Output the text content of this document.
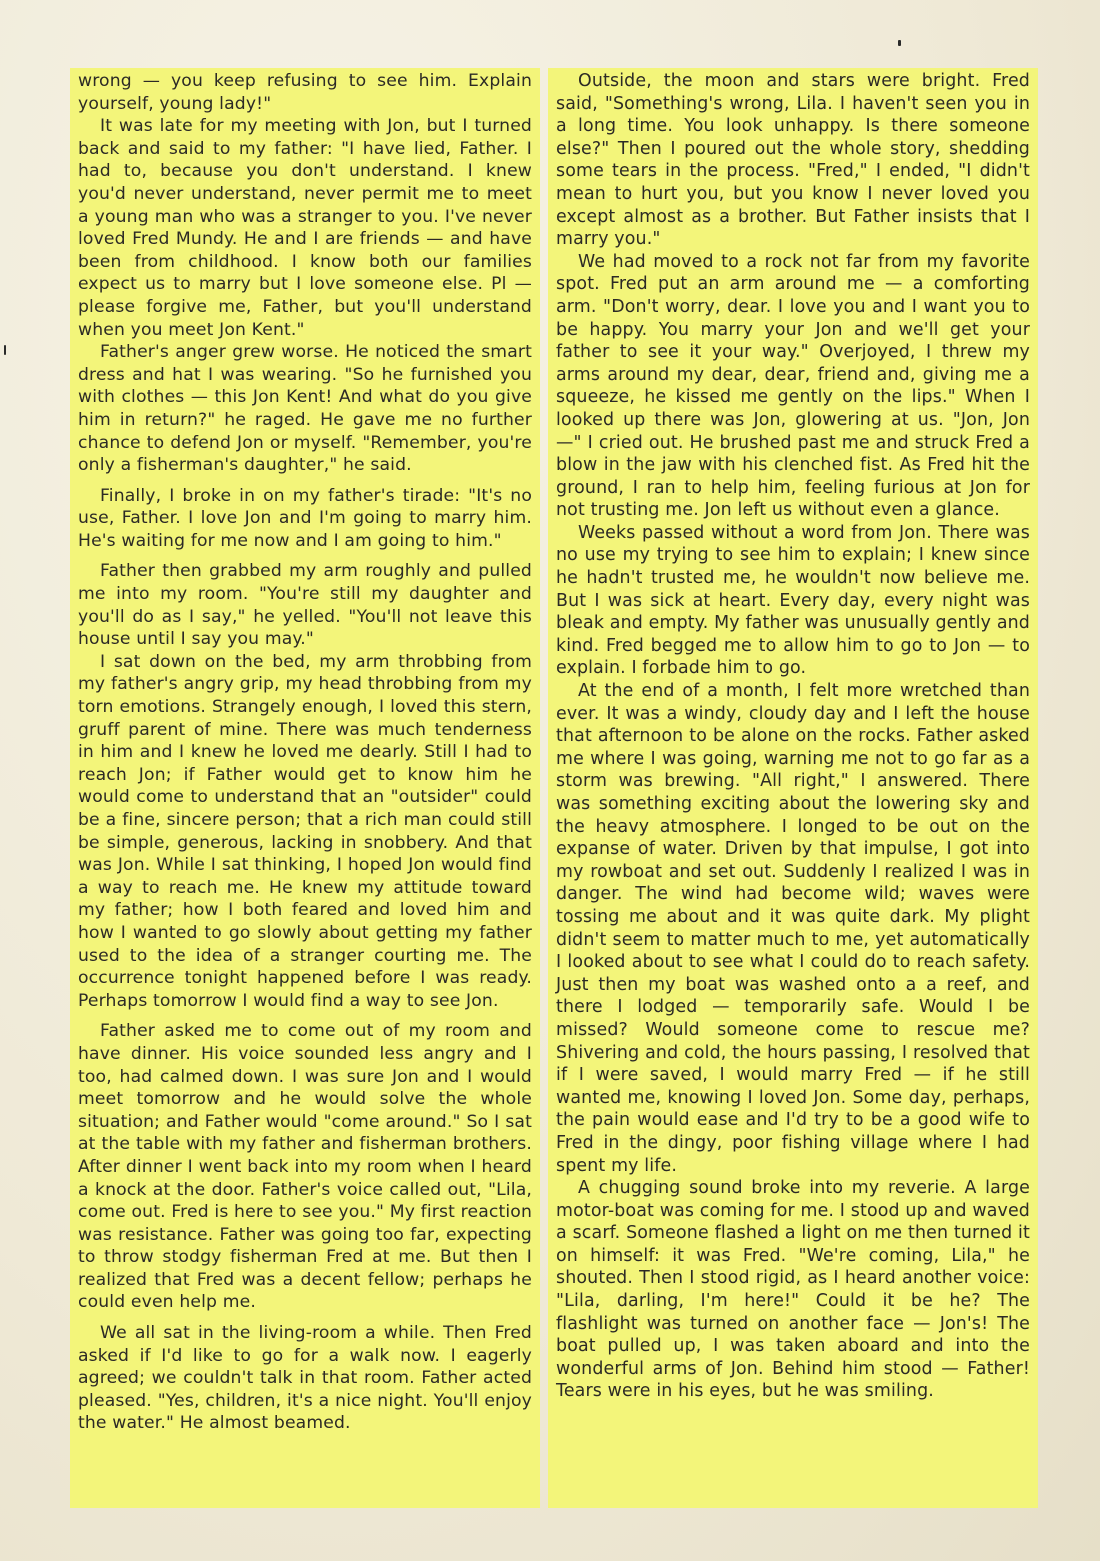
wrong — you keep refusing to see him. Explain yourself, young lady!"

It was late for my meeting with Jon, but I turned back and said to my father: "I have lied, Father. I had to, because you don't understand. I knew you'd never understand, never permit me to meet a young man who was a stranger to you. I've never loved Fred Mundy. He and I are friends — and have been from childhood. I know both our families expect us to marry but I love someone else. Pl — please forgive me, Father, but you'll understand when you meet Jon Kent."

Father's anger grew worse. He noticed the smart dress and hat I was wearing. "So he furnished you with clothes — this Jon Kent! And what do you give him in return?" he raged. He gave me no further chance to defend Jon or myself. "Remember, you're only a fisherman's daughter," he said.

Finally, I broke in on my father's tirade: "It's no use, Father. I love Jon and I'm going to marry him. He's waiting for me now and I am going to him."

Father then grabbed my arm roughly and pulled me into my room. "You're still my daughter and you'll do as I say," he yelled. "You'll not leave this house until I say you may."

I sat down on the bed, my arm throbbing from my father's angry grip, my head throbbing from my torn emotions. Strangely enough, I loved this stern, gruff parent of mine. There was much tenderness in him and I knew he loved me dearly. Still I had to reach Jon; if Father would get to know him he would come to understand that an "outsider" could be a fine, sincere person; that a rich man could still be simple, generous, lacking in snobbery. And that was Jon. While I sat thinking, I hoped Jon would find a way to reach me. He knew my attitude toward my father; how I both feared and loved him and how I wanted to go slowly about getting my father used to the idea of a stranger courting me. The occurrence tonight happened before I was ready. Perhaps tomorrow I would find a way to see Jon.

Father asked me to come out of my room and have dinner. His voice sounded less angry and I too, had calmed down. I was sure Jon and I would meet tomorrow and he would solve the whole situation; and Father would "come around." So I sat at the table with my father and fisherman brothers. After dinner I went back into my room when I heard a knock at the door. Father's voice called out, "Lila, come out. Fred is here to see you." My first reaction was resistance. Father was going too far, expecting to throw stodgy fisherman Fred at me. But then I realized that Fred was a decent fellow; perhaps he could even help me.

We all sat in the living-room a while. Then Fred asked if I'd like to go for a walk now. I eagerly agreed; we couldn't talk in that room. Father acted pleased. "Yes, children, it's a nice night. You'll enjoy the water." He almost beamed.

Outside, the moon and stars were bright. Fred said, "Something's wrong, Lila. I haven't seen you in a long time. You look unhappy. Is there someone else?" Then I poured out the whole story, shedding some tears in the process. "Fred," I ended, "I didn't mean to hurt you, but you know I never loved you except almost as a brother. But Father insists that I marry you."

We had moved to a rock not far from my favorite spot. Fred put an arm around me — a comforting arm. "Don't worry, dear. I love you and I want you to be happy. You marry your Jon and we'll get your father to see it your way." Overjoyed, I threw my arms around my dear, dear, friend and, giving me a squeeze, he kissed me gently on the lips." When I looked up there was Jon, glowering at us. "Jon, Jon —" I cried out. He brushed past me and struck Fred a blow in the jaw with his clenched fist. As Fred hit the ground, I ran to help him, feeling furious at Jon for not trusting me. Jon left us without even a glance.

Weeks passed without a word from Jon. There was no use my trying to see him to explain; I knew since he hadn't trusted me, he wouldn't now believe me. But I was sick at heart. Every day, every night was bleak and empty. My father was unusually gently and kind. Fred begged me to allow him to go to Jon — to explain. I forbade him to go.

At the end of a month, I felt more wretched than ever. It was a windy, cloudy day and I left the house that afternoon to be alone on the rocks. Father asked me where I was going, warning me not to go far as a storm was brewing. "All right," I answered. There was something exciting about the lowering sky and the heavy atmosphere. I longed to be out on the expanse of water. Driven by that impulse, I got into my rowboat and set out. Suddenly I realized I was in danger. The wind had become wild; waves were tossing me about and it was quite dark. My plight didn't seem to matter much to me, yet automatically I looked about to see what I could do to reach safety. Just then my boat was washed onto a a reef, and there I lodged — temporarily safe. Would I be missed? Would someone come to rescue me? Shivering and cold, the hours passing, I resolved that if I were saved, I would marry Fred — if he still wanted me, knowing I loved Jon. Some day, perhaps, the pain would ease and I'd try to be a good wife to Fred in the dingy, poor fishing village where I had spent my life.

A chugging sound broke into my reverie. A large motor-boat was coming for me. I stood up and waved a scarf. Someone flashed a light on me then turned it on himself: it was Fred. "We're coming, Lila," he shouted. Then I stood rigid, as I heard another voice: "Lila, darling, I'm here!" Could it be he? The flashlight was turned on another face — Jon's! The boat pulled up, I was taken aboard and into the wonderful arms of Jon. Behind him stood — Father! Tears were in his eyes, but he was smiling.
